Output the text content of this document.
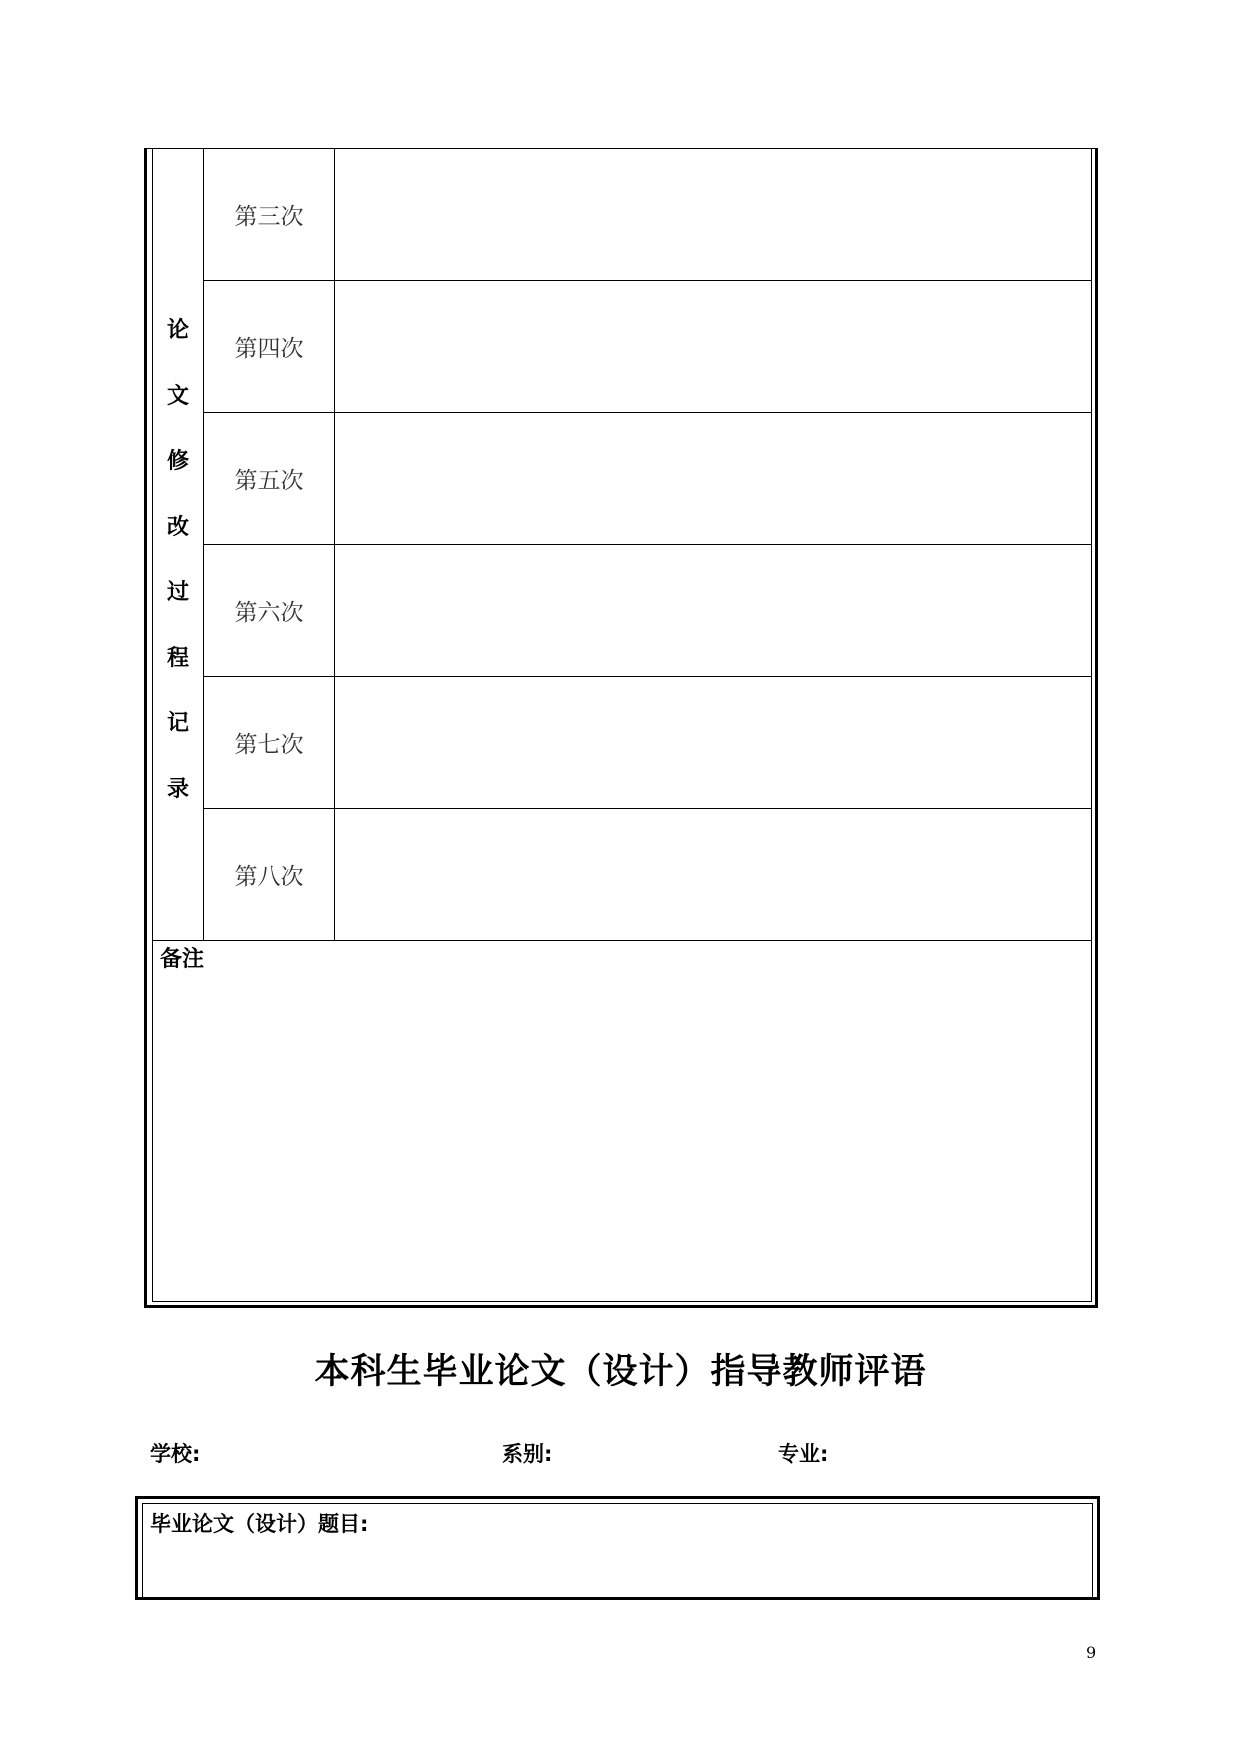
论
文
修
改
过
程
记
录
第三次
第四次
第五次
第六次
第七次
第八次
备注
本科生毕业论文（设计）指导教师评语
学校:	系别:	专业:
毕业论文（设计）题目:
9
